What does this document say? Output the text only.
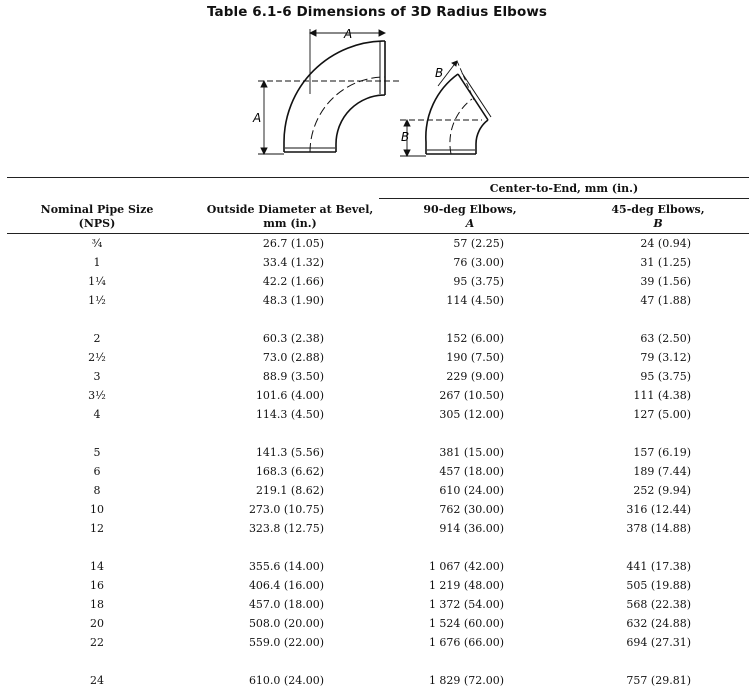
Table 6.1-6 Dimensions of 3D Radius Elbows
A
A
B
B
Center-to-End, mm (in.)
Nominal Pipe Size
(NPS)
Outside Diameter at Bevel,
mm (in.)
90-deg Elbows,
A
45-deg Elbows,
B
³⁄₄	26.7 (1.05)	57 (2.25)	24 (0.94)
1	33.4 (1.32)	76 (3.00)	31 (1.25)
1¹⁄₄	42.2 (1.66)	95 (3.75)	39 (1.56)
1¹⁄₂	48.3 (1.90)	114 (4.50)	47 (1.88)
2	60.3 (2.38)	152 (6.00)	63 (2.50)
2¹⁄₂	73.0 (2.88)	190 (7.50)	79 (3.12)
3	88.9 (3.50)	229 (9.00)	95 (3.75)
3¹⁄₂	101.6 (4.00)	267 (10.50)	111 (4.38)
4	114.3 (4.50)	305 (12.00)	127 (5.00)
5	141.3 (5.56)	381 (15.00)	157 (6.19)
6	168.3 (6.62)	457 (18.00)	189 (7.44)
8	219.1 (8.62)	610 (24.00)	252 (9.94)
10	273.0 (10.75)	762 (30.00)	316 (12.44)
12	323.8 (12.75)	914 (36.00)	378 (14.88)
14	355.6 (14.00)	1 067 (42.00)	441 (17.38)
16	406.4 (16.00)	1 219 (48.00)	505 (19.88)
18	457.0 (18.00)	1 372 (54.00)	568 (22.38)
20	508.0 (20.00)	1 524 (60.00)	632 (24.88)
22	559.0 (22.00)	1 676 (66.00)	694 (27.31)
24	610.0 (24.00)	1 829 (72.00)	757 (29.81)
